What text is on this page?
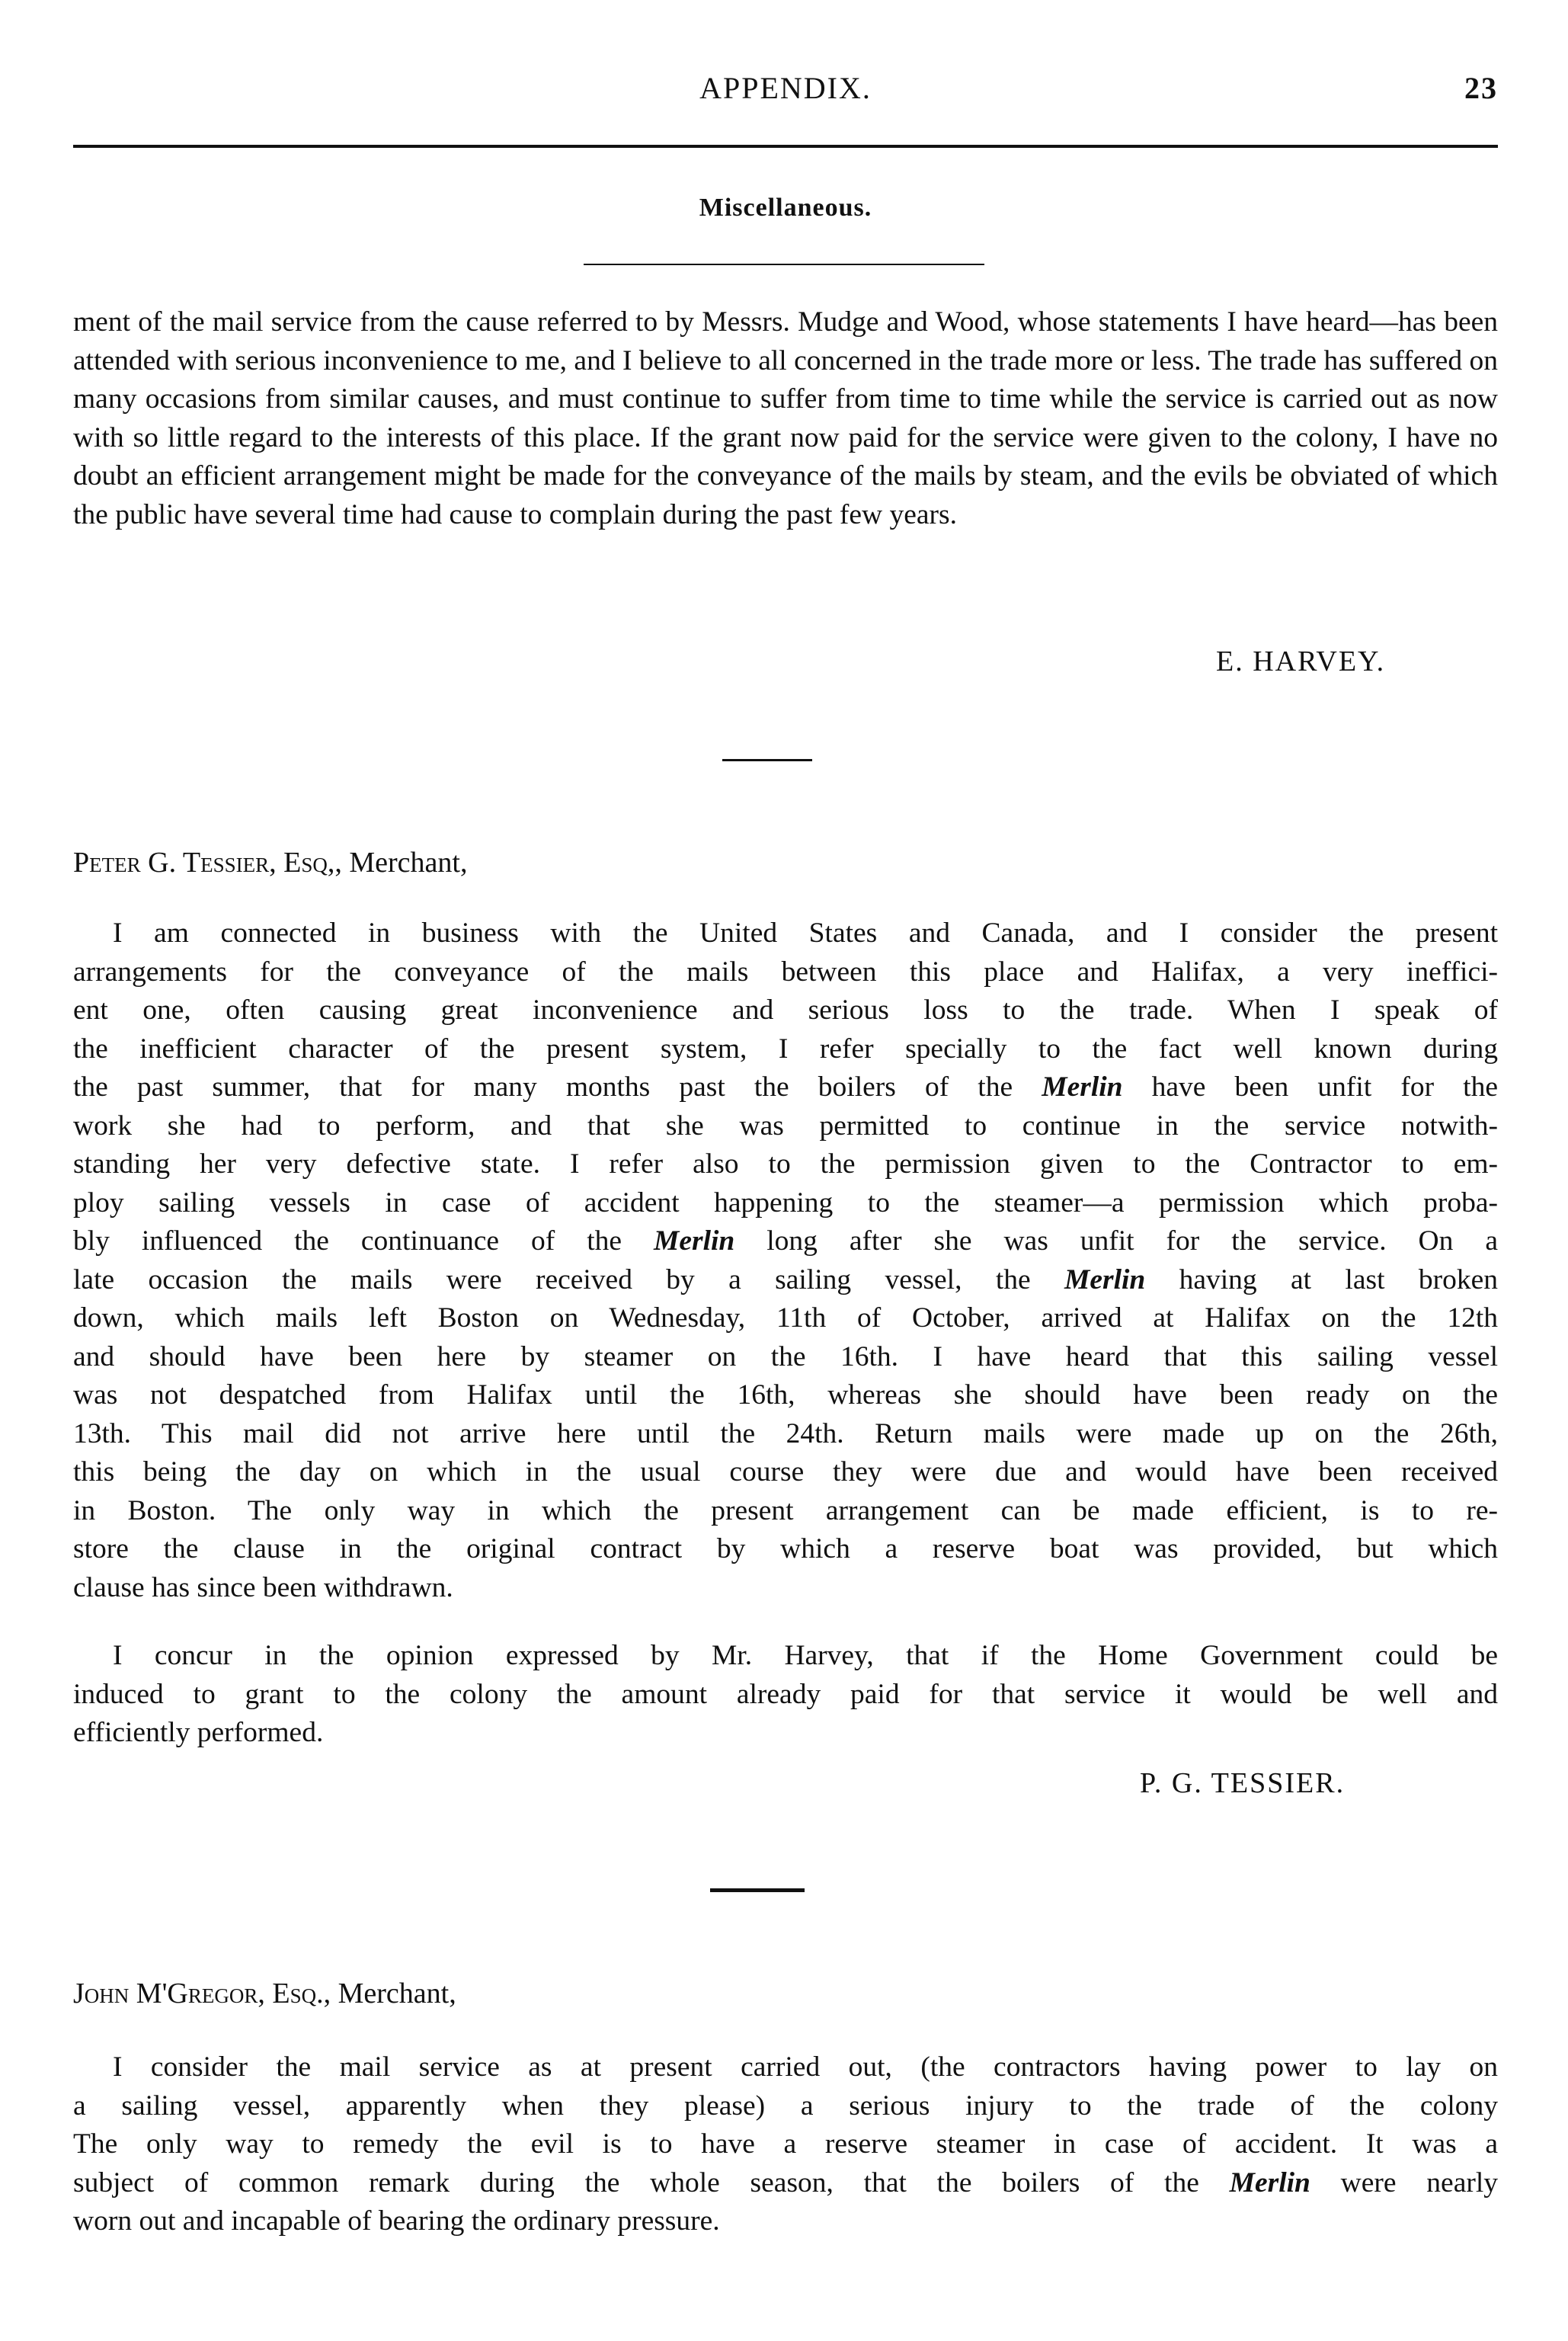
APPENDIX.	23
Miscellaneous.

ment of the mail service from the cause referred to by Messrs. Mudge and Wood, whose statements I have heard—has been attended with serious inconvenience to me, and I believe to all concerned in the trade more or less. The trade has suffered on many occasions from similar causes, and must continue to suffer from time to time while the service is carried out as now with so little regard to the interests of this place. If the grant now paid for the service were given to the colony, I have no doubt an efficient arrangement might be made for the conveyance of the mails by steam, and the evils be obviated of which the public have several time had cause to complain during the past few years.

E. HARVEY.
Peter G. Tessier, Esq,, Merchant,
I am connected in business with the United States and Canada, and I consider the present
arrangements for the conveyance of the mails between this place and Halifax, a very ineffici-
ent one, often causing great inconvenience and serious loss to the trade. When I speak of
the inefficient character of the present system, I refer specially to the fact well known during
the past summer, that for many months past the boilers of the Merlin have been unfit for the
work she had to perform, and that she was permitted to continue in the service notwith-
standing her very defective state. I refer also to the permission given to the Contractor to em-
ploy sailing vessels in case of accident happening to the steamer—a permission which proba-
bly influenced the continuance of the Merlin long after she was unfit for the service. On a
late occasion the mails were received by a sailing vessel, the Merlin having at last broken
down, which mails left Boston on Wednesday, 11th of October, arrived at Halifax on the 12th
and should have been here by steamer on the 16th. I have heard that this sailing vessel
was not despatched from Halifax until the 16th, whereas she should have been ready on the
13th. This mail did not arrive here until the 24th. Return mails were made up on the 26th,
this being the day on which in the usual course they were due and would have been received
in Boston. The only way in which the present arrangement can be made efficient, is to re-
store the clause in the original contract by which a reserve boat was provided, but which
clause has since been withdrawn.
I concur in the opinion expressed by Mr. Harvey, that if the Home Government could be
induced to grant to the colony the amount already paid for that service it would be well and
efficiently performed.
P. G. TESSIER.
John M'Gregor, Esq., Merchant,
I consider the mail service as at present carried out, (the contractors having power to lay on
a sailing vessel, apparently when they please) a serious injury to the trade of the colony
The only way to remedy the evil is to have a reserve steamer in case of accident. It was a
subject of common remark during the whole season, that the boilers of the Merlin were nearly
worn out and incapable of bearing the ordinary pressure.
